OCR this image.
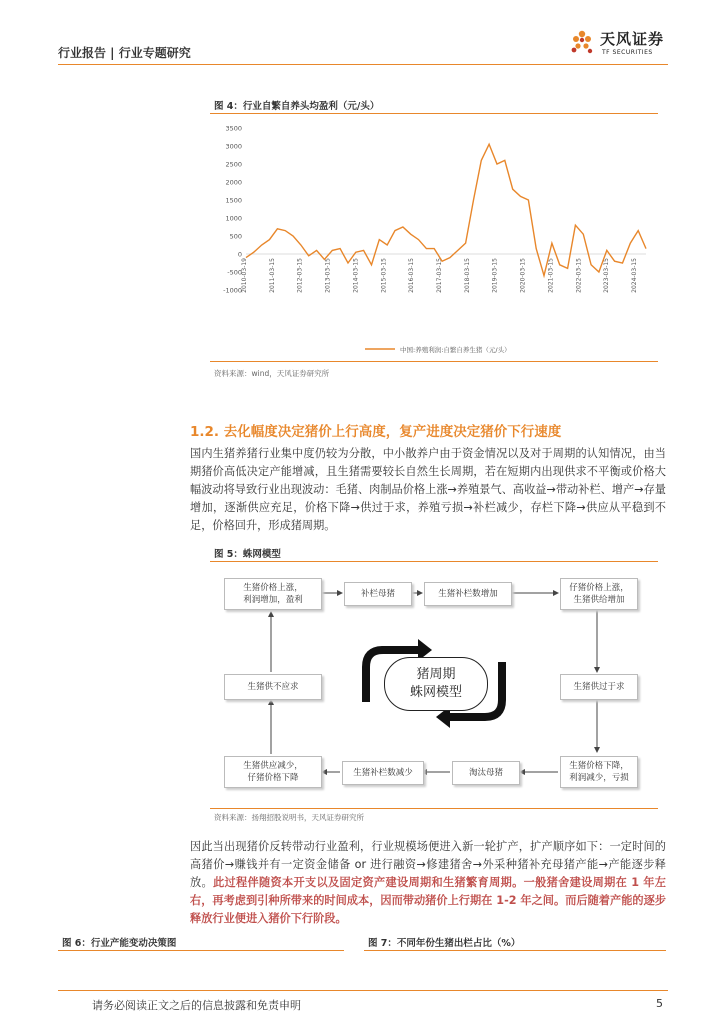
行业报告 | 行业专题研究
天风证券
TF SECURITIES
图 4：行业自繁自养头均盈利（元/头）
3500
3000
2500
2000
1500
1000
500
0
-500
-1000 2010-03-19	2011-03-15	2012-03-15	2013-03-15	2014-03-15	2015-03-15	2016-03-15	2017-03-15	2018-03-15	2019-03-15	2020-03-15	2021-03-15	2022-03-15	2023-03-15	2024-03-15
中国:养殖利润:自繁自养生猪（元/头）
资料来源：wind，天风证券研究所
1.2. 去化幅度决定猪价上行高度，复产进度决定猪价下行速度
国内生猪养猪行业集中度仍较为分散，中小散养户由于资金情况以及对于周期的认知情况，由当期猪价高低决定产能增减，且生猪需要较长自然生长周期，若在短期内出现供求不平衡或价格大幅波动将导致行业出现波动：毛猪、肉制品价格上涨→养殖景气、高收益→带动补栏、增产→存量增加，逐渐供应充足，价格下降→供过于求，养殖亏损→补栏减少，存栏下降→供应从平稳到不足，价格回升，形成猪周期。
图 5：蛛网模型
生猪价格上涨，
利润增加，盈利
补栏母猪	生猪补栏数增加
仔猪价格上涨，
生猪供给增加
生猪供过于求
生猪价格下降，
利润减少，亏损
淘汰母猪
生猪补栏数减少
生猪供应减少，
仔猪价格下降
生猪供不应求
猪周期
蛛网模型
资料来源：扬翔招股说明书，天风证券研究所
因此当出现猪价反转带动行业盈利，行业规模场便进入新一轮扩产，扩产顺序如下：一定时间的高猪价→赚钱并有一定资金储备 or 进行融资→修建猪舍→外采种猪补充母猪产能→产能逐步释放。此过程伴随资本开支以及固定资产建设周期和生猪繁育周期。一般猪舍建设周期在 1 年左右，再考虑到引种所带来的时间成本，因而带动猪价上行期在 1-2 年之间。而后随着产能的逐步释放行业便进入猪价下行阶段。
图 6：行业产能变动决策图	图 7：不同年份生猪出栏占比（%）
请务必阅读正文之后的信息披露和免责申明	5
